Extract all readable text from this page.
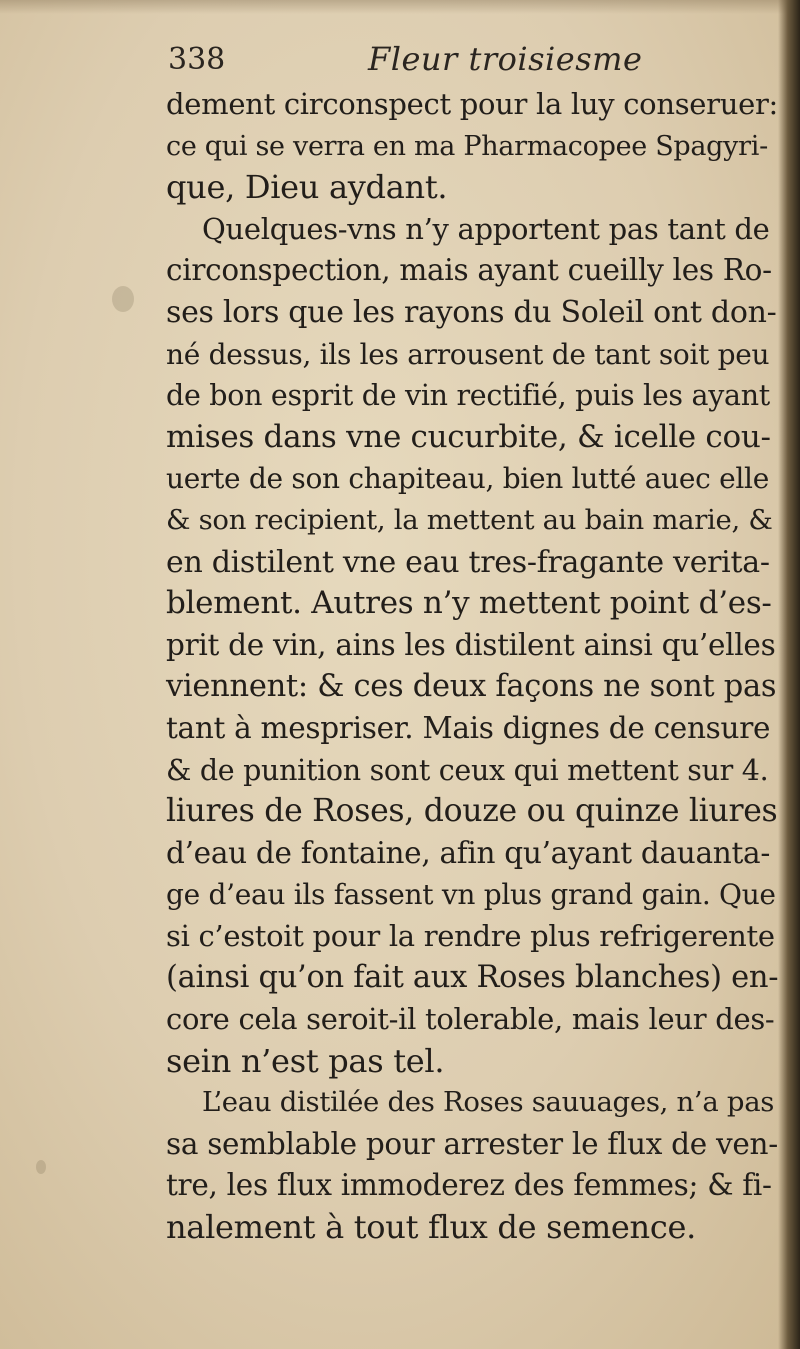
338	Fleur troisiesme
dement circonspect pour la luy conseruer:
ce qui se verra en ma Pharmacopee Spagyri-
que, Dieu aydant.
Quelques-vns n’y apportent pas tant de
circonspection, mais ayant cueilly les Ro-
ses lors que les rayons du Soleil ont don-
né dessus, ils les arrousent de tant soit peu
de bon esprit de vin rectifié, puis les ayant
mises dans vne cucurbite, & icelle cou-
uerte de son chapiteau, bien lutté auec elle
& son recipient, la mettent au bain marie, &
en distilent vne eau tres-fragante verita-
blement. Autres n’y mettent point d’es-
prit de vin, ains les distilent ainsi qu’elles
viennent: & ces deux façons ne sont pas
tant à mespriser. Mais dignes de censure
& de punition sont ceux qui mettent sur 4.
liures de Roses, douze ou quinze liures
d’eau de fontaine, afin qu’ayant dauanta-
ge d’eau ils fassent vn plus grand gain. Que
si c’estoit pour la rendre plus refrigerente
(ainsi qu’on fait aux Roses blanches) en-
core cela seroit-il tolerable, mais leur des-
sein n’est pas tel.
L’eau distilée des Roses sauuages, n’a pas
sa semblable pour arrester le flux de ven-
tre, les flux immoderez des femmes; & fi-
nalement à tout flux de semence.
